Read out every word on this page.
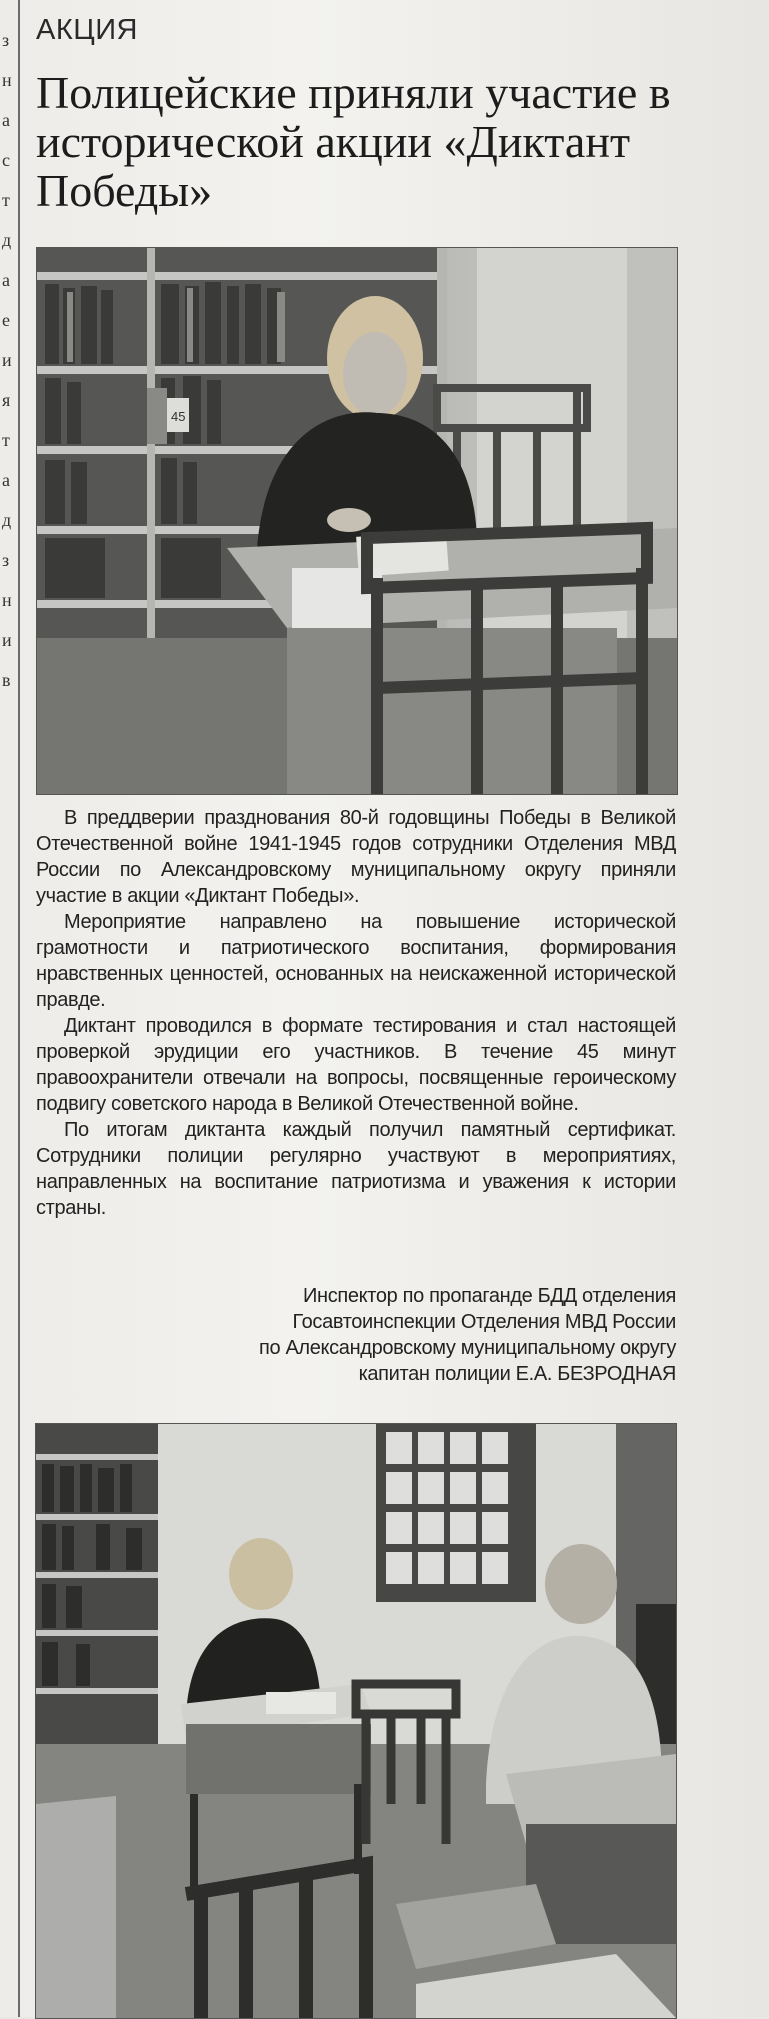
з
н
а
с
т
д
а
е
и
я
т
а
д
з
н
и
в
АКЦИЯ
Полицейские приняли участие в исторической акции «Диктант Победы»
45

В преддверии празднования 80-й годовщины Победы в Великой Отечественной войне 1941-1945 годов сотрудники Отделения МВД России по Александровскому муниципальному округу приняли участие в акции «Диктант Победы».

Мероприятие направлено на повышение исторической грамотности и патриотического воспитания, формирования нравственных ценностей, основанных на неискаженной исторической правде.

Диктант проводился в формате тестирования и стал настоящей проверкой эрудиции его участников. В течение 45 минут правоохранители отвечали на вопросы, посвященные героическому подвигу советского народа в Великой Отечественной войне.

По итогам диктанта каждый получил памятный сертификат. Сотрудники полиции регулярно участвуют в мероприятиях, направленных на воспитание патриотизма и уважения к истории страны.

Инспектор по пропаганде БДД отделения
Госавтоинспекции Отделения МВД России
по Александровскому муниципальному округу
капитан полиции Е.А. БЕЗРОДНАЯ
